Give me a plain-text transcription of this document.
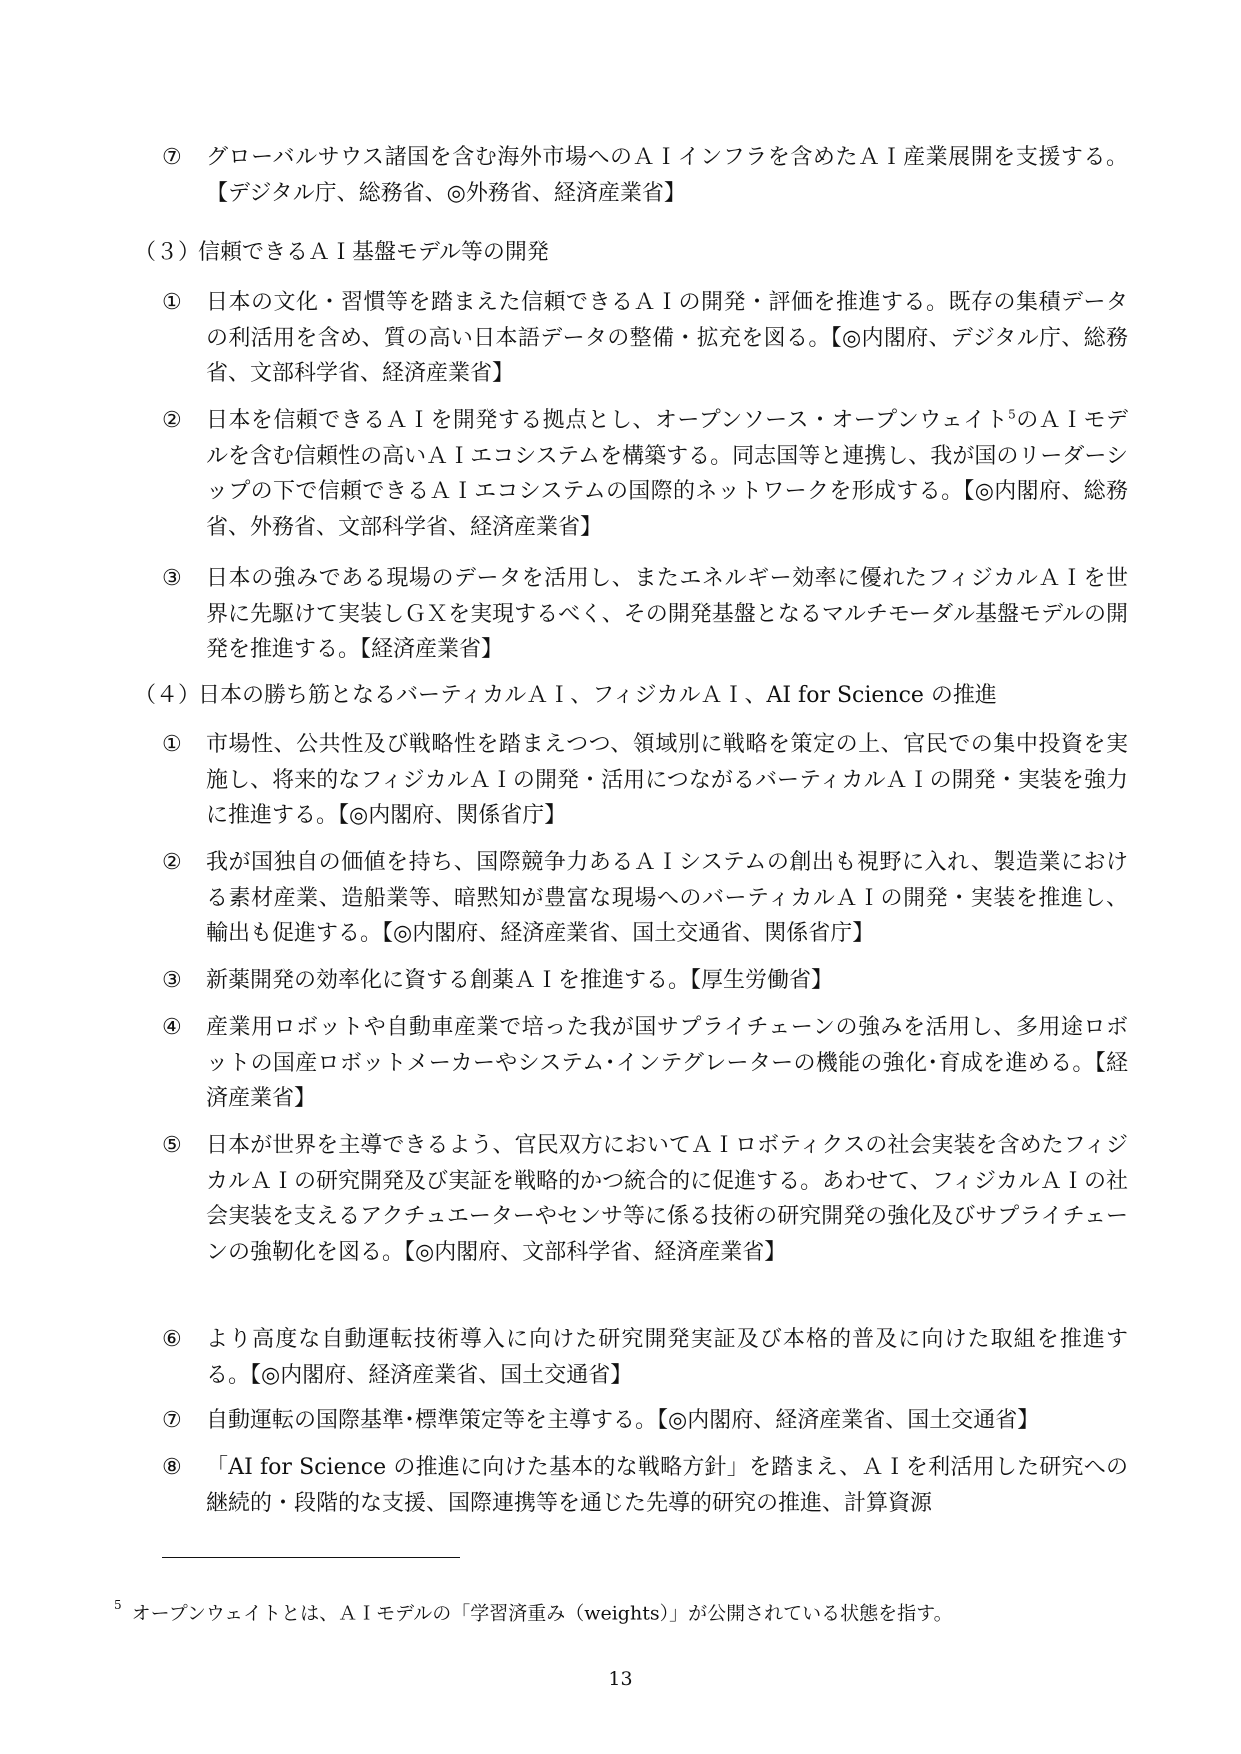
⑦	グローバルサウス諸国を含む海外市場へのＡＩインフラを含めたＡＩ産業展開を支援する。【デジタル庁、総務省、◎外務省、経済産業省】
（３）信頼できるＡＩ基盤モデル等の開発
①	日本の文化・習慣等を踏まえた信頼できるＡＩの開発・評価を推進する。既存の集積データの利活用を含め、質の高い日本語データの整備・拡充を図る。【◎内閣府、デジタル庁、総務省、文部科学省、経済産業省】
②	日本を信頼できるＡＩを開発する拠点とし、オープンソース・オープンウェイト$^5$のＡＩモデルを含む信頼性の高いＡＩエコシステムを構築する。同志国等と連携し、我が国のリーダーシップの下で信頼できるＡＩエコシステムの国際的ネットワークを形成する。【◎内閣府、総務省、外務省、文部科学省、経済産業省】
③	日本の強みである現場のデータを活用し、またエネルギー効率に優れたフィジカルＡＩを世界に先駆けて実装しＧＸを実現するべく、その開発基盤となるマルチモーダル基盤モデルの開発を推進する。【経済産業省】
（４）日本の勝ち筋となるバーティカルＡＩ、フィジカルＡＩ、AI for Science の推進
①	市場性、公共性及び戦略性を踏まえつつ、領域別に戦略を策定の上、官民での集中投資を実施し、将来的なフィジカルＡＩの開発・活用につながるバーティカルＡＩの開発・実装を強力に推進する。【◎内閣府、関係省庁】
②	我が国独自の価値を持ち、国際競争力あるＡＩシステムの創出も視野に入れ、製造業における素材産業、造船業等、暗黙知が豊富な現場へのバーティカルＡＩの開発・実装を推進し、輸出も促進する。【◎内閣府、経済産業省、国土交通省、関係省庁】
③	新薬開発の効率化に資する創薬ＡＩを推進する。【厚生労働省】
④	産業用ロボットや自動車産業で培った我が国サプライチェーンの強みを活用し、多用途ロボットの国産ロボットメーカーやシステム･インテグレーターの機能の強化･育成を進める。【経済産業省】
⑤	日本が世界を主導できるよう、官民双方においてＡＩロボティクスの社会実装を含めたフィジカルＡＩの研究開発及び実証を戦略的かつ統合的に促進する。あわせて、フィジカルＡＩの社会実装を支えるアクチュエーターやセンサ等に係る技術の研究開発の強化及びサプライチェーンの強靭化を図る。【◎内閣府、文部科学省、経済産業省】
⑥	より高度な自動運転技術導入に向けた研究開発実証及び本格的普及に向けた取組を推進する。【◎内閣府、経済産業省、国土交通省】
⑦	自動運転の国際基準･標準策定等を主導する。【◎内閣府、経済産業省、国土交通省】
⑧	「AI for Science の推進に向けた基本的な戦略方針」を踏まえ、ＡＩを利活用した研究への継続的・段階的な支援、国際連携等を通じた先導的研究の推進、計算資源
$^5$ オープンウェイトとは、ＡＩモデルの「学習済重み（weights）」が公開されている状態を指す。
13
